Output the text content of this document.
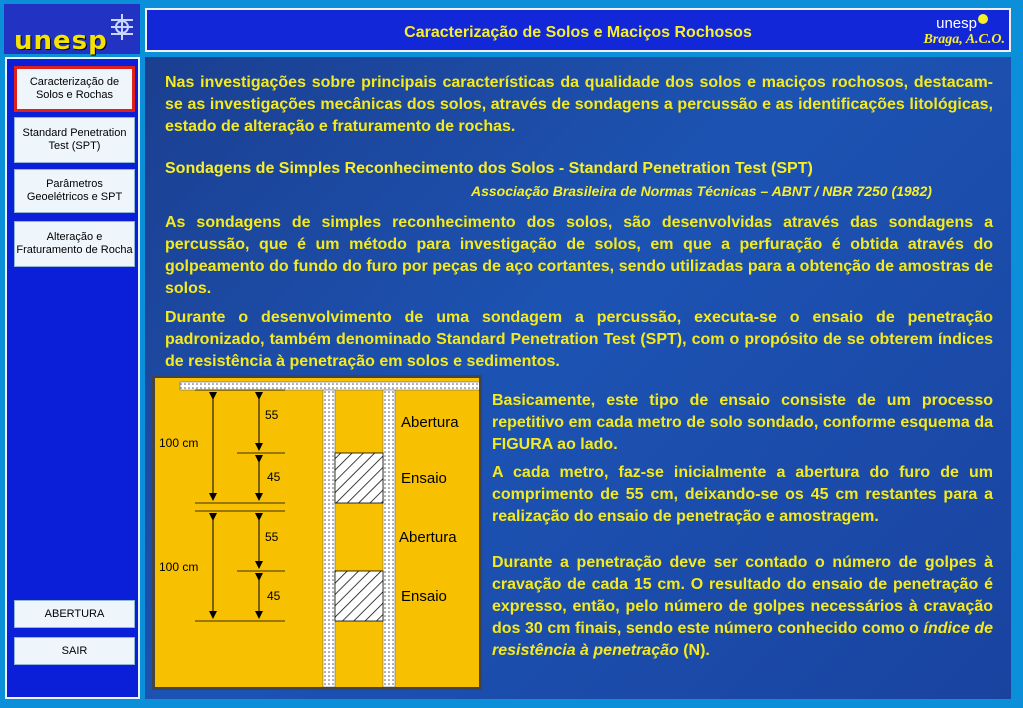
unesp	Caracterização de Solos e Maciços Rochosos
unesp
Braga, A.C.O.
Caracterização de Solos e Rochas
Standard Penetration Test (SPT)
Parâmetros Geoelétricos e SPT
Alteração e Fraturamento de Rocha
ABERTURA
SAIR
Nas investigações sobre principais características da qualidade dos solos e maciços rochosos, destacam-se as investigações mecânicas dos solos, através de sondagens a percussão e as identificações litológicas, estado de alteração e fraturamento de rochas.
Sondagens de Simples Reconhecimento dos Solos - Standard Penetration Test (SPT)
Associação Brasileira de Normas Técnicas – ABNT / NBR 7250 (1982)
As sondagens de simples reconhecimento dos solos, são desenvolvidas através das sondagens a percussão, que é um método para investigação de solos, em que a perfuração é obtida através do golpeamento do fundo do furo por peças de aço cortantes, sendo utilizadas para a obtenção de amostras de solos.
Durante o desenvolvimento de uma sondagem a percussão, executa-se o ensaio de penetração padronizado, também denominado Standard Penetration Test (SPT), com o propósito de se obterem índices de resistência à penetração em solos e sedimentos.
Basicamente, este tipo de ensaio consiste de um processo repetitivo em cada metro de solo sondado, conforme esquema da FIGURA ao lado.
A cada metro, faz-se inicialmente a abertura do furo de um comprimento de 55 cm, deixando-se os 45 cm restantes para a realização do ensaio de penetração e amostragem.
Durante a penetração deve ser contado o número de golpes à cravação de cada 15 cm. O resultado do ensaio de penetração é expresso, então, pelo número de golpes necessários à cravação dos 30 cm finais, sendo este número conhecido como o índice de resistência à penetração (N).
100 cm
100 cm
55
45
55
45
Abertura
Ensaio
Abertura
Ensaio
